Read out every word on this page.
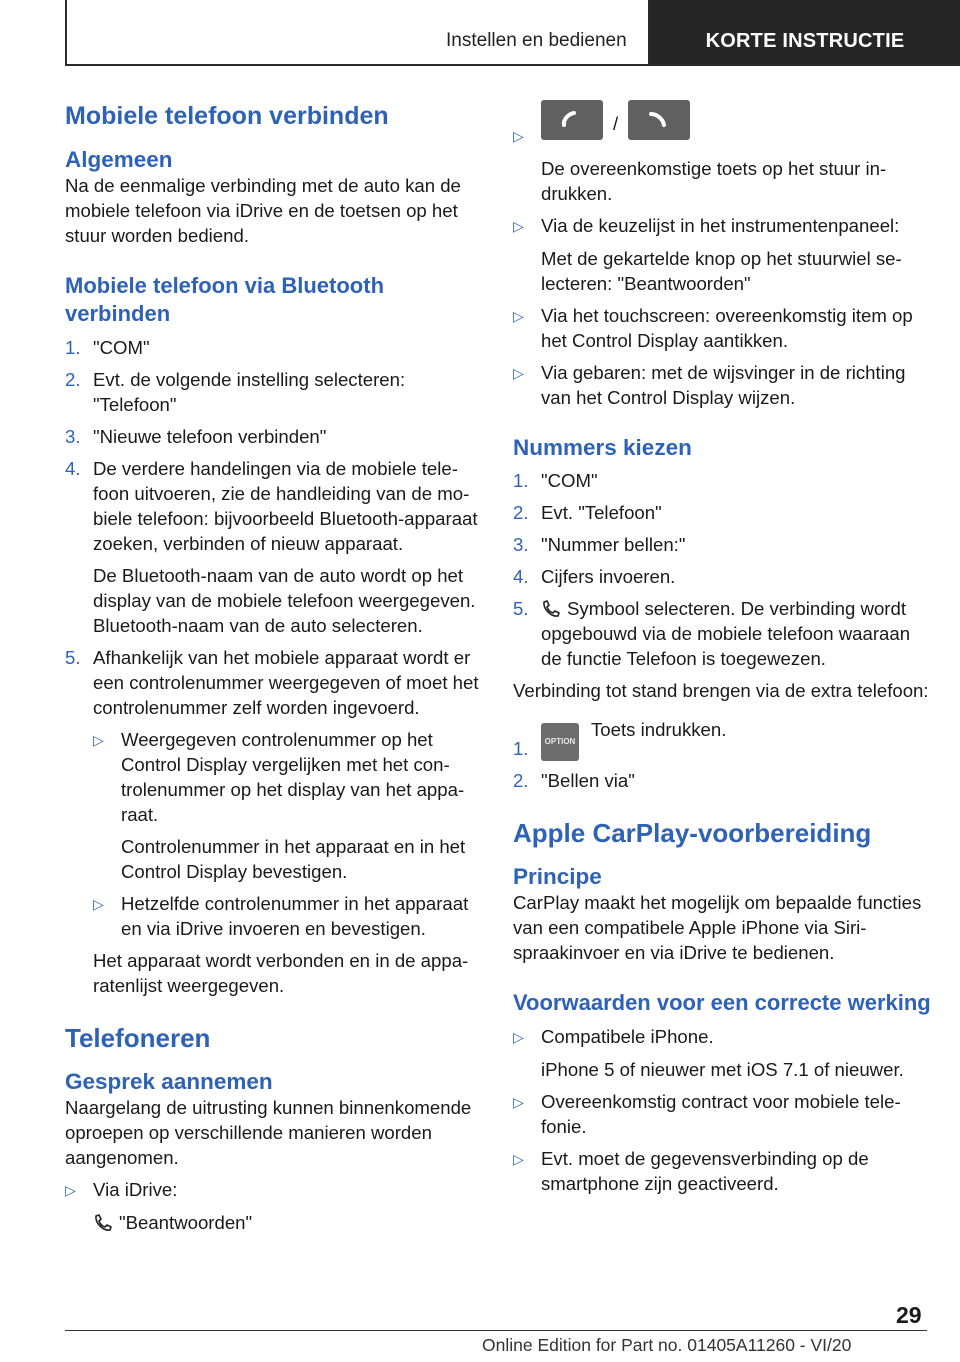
Instellen en bedienen	KORTE INSTRUCTIE
Mobiele telefoon verbinden
Algemeen

Na de eenmalige verbinding met de auto kan de mobiele telefoon via iDrive en de toetsen op het stuur worden bediend.

Mobiele telefoon via Bluetooth verbinden
1. "COM"
2. Evt. de volgende instelling selecteren: "Telefoon"
3. "Nieuwe telefoon verbinden"
4. De verdere handelingen via de mobiele telefoon uitvoeren, zie de handleiding van de mobiele telefoon: bijvoorbeeld Bluetooth-apparaat zoeken, verbinden of nieuw apparaat.

De Bluetooth-naam van de auto wordt op het display van de mobiele telefoon weergegeven. Bluetooth-naam van de auto selecteren.

5. Afhankelijk van het mobiele apparaat wordt er een controlenummer weergegeven of moet het controlenummer zelf worden ingevoerd.
▷ Weergegeven controlenummer op het Control Display vergelijken met het controlenummer op het display van het apparaat.

Controlenummer in het apparaat en in het Control Display bevestigen.

▷ Hetzelfde controlenummer in het apparaat en via iDrive invoeren en bevestigen.

Het apparaat wordt verbonden en in de apparatenlijst weergegeven.

Telefoneren
Gesprek aannemen

Naargelang de uitrusting kunnen binnenkomende oproepen op verschillende manieren worden aangenomen.

▷ Via iDrive:

"Beantwoorden"

▷
/

De overeenkomstige toets op het stuur indrukken.

▷ Via de keuzelijst in het instrumentenpaneel:

Met de gekartelde knop op het stuurwiel selecteren: "Beantwoorden"

▷ Via het touchscreen: overeenkomstig item op het Control Display aantikken.
▷ Via gebaren: met de wijsvinger in de richting van het Control Display wijzen.
Nummers kiezen
1. "COM"
2. Evt. "Telefoon"
3. "Nummer bellen:"
4. Cijfers invoeren.
5.	Symbool selecteren. De verbinding wordt opgebouwd via de mobiele telefoon waaraan de functie Telefoon is toegewezen.

Verbinding tot stand brengen via de extra telefoon:

1.	OPTIONToets indrukken.
2. "Bellen via"
Apple CarPlay-voorbereiding
Principe

CarPlay maakt het mogelijk om bepaalde functies van een compatibele Apple iPhone via Siri-spraakinvoer en via iDrive te bedienen.

Voorwaarden voor een correcte werking
▷ Compatibele iPhone.

iPhone 5 of nieuwer met iOS 7.1 of nieuwer.

▷ Overeenkomstig contract voor mobiele telefonie.
▷ Evt. moet de gegevensverbinding op de smartphone zijn geactiveerd.
29
Online Edition for Part no. 01405A11260 - VI/20
